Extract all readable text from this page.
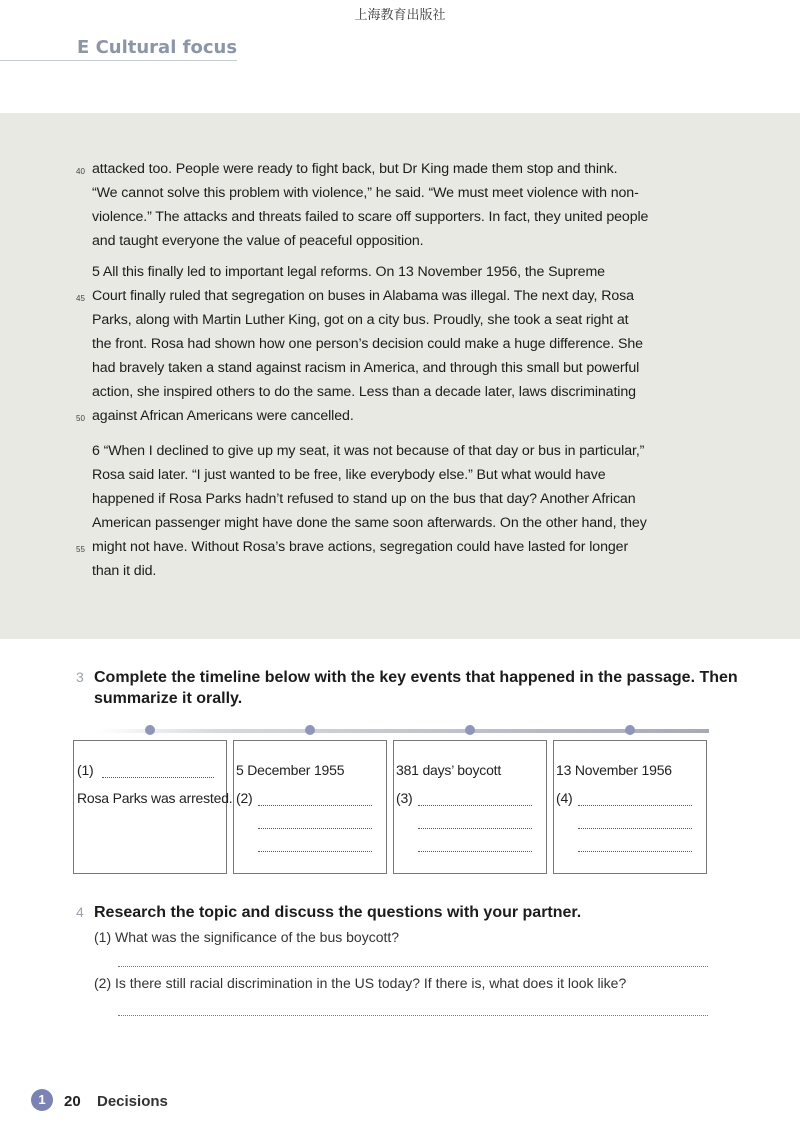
上海教育出版社
E Cultural focus
attacked too. People were ready to fight back, but Dr King made them stop and think.
“We cannot solve this problem with violence,” he said. “We must meet violence with non-
violence.” The attacks and threats failed to scare off supporters. In fact, they united people
and taught everyone the value of peaceful opposition.
5 All this finally led to important legal reforms. On 13 November 1956, the Supreme
Court finally ruled that segregation on buses in Alabama was illegal. The next day, Rosa
Parks, along with Martin Luther King, got on a city bus. Proudly, she took a seat right at
the front. Rosa had shown how one person’s decision could make a huge difference. She
had bravely taken a stand against racism in America, and through this small but powerful
action, she inspired others to do the same. Less than a decade later, laws discriminating
against African Americans were cancelled.
6 “When I declined to give up my seat, it was not because of that day or bus in particular,”
Rosa said later. “I just wanted to be free, like everybody else.” But what would have
happened if Rosa Parks hadn’t refused to stand up on the bus that day? Another African
American passenger might have done the same soon afterwards. On the other hand, they
might not have. Without Rosa’s brave actions, segregation could have lasted for longer
than it did.
40
45
50
55
3 Complete the timeline below with the key events that happened in the passage. Then
summarize it orally.
(1)
Rosa Parks was arrested.
5 December 1955
(2)
381 days’ boycott
(3)
13 November 1956
(4)
4 Research the topic and discuss the questions with your partner.
(1) What was the significance of the bus boycott?
(2) Is there still racial discrimination in the US today? If there is, what does it look like?
1	20 Decisions
